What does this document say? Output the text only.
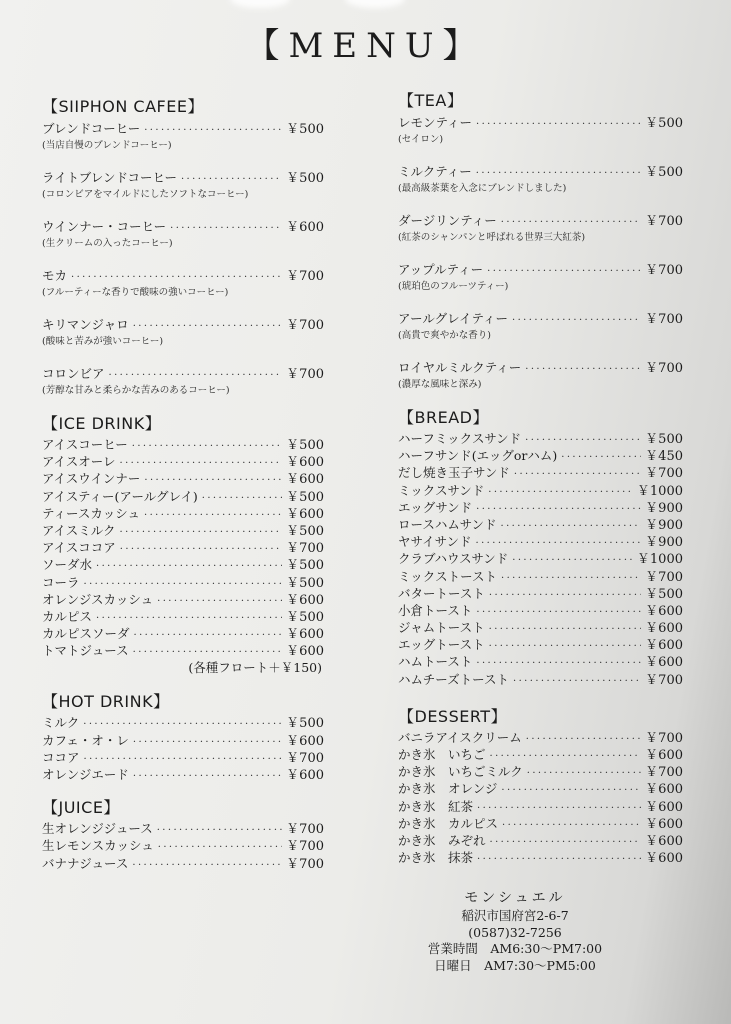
【MENU】
【SIIPHON CAFEE】
ブレンドコーヒー ·····	￥500
(当店自慢のブレンドコーヒー)
ライトブレンドコーヒー ·····	￥500
(コロンビアをマイルドにしたソフトなコーヒー)
ウインナー・コーヒー ·····	￥600
(生クリームの入ったコーヒー)
モカ ·····	￥700
(フルーティーな香りで酸味の強いコーヒー)
キリマンジャロ ·····	￥700
(酸味と苦みが強いコーヒー)
コロンビア ·····	￥700
(芳醇な甘みと柔らかな苦みのあるコーヒー)
【ICE DRINK】
アイスコーヒー ·····	￥500
アイスオーレ ·····	￥600
アイスウインナー ·····	￥600
アイスティー(アールグレイ) ·····	￥500
ティースカッシュ ·····	￥600
アイスミルク ·····	￥500
アイスココア ·····	￥700
ソーダ水 ·····	￥500
コーラ ·····	￥500
オレンジスカッシュ ·····	￥600
カルピス ·····	￥500
カルピスソーダ ·····	￥600
トマトジュース ·····	￥600
(各種フロート＋￥150)
【HOT DRINK】
ミルク ·····	￥500
カフェ・オ・レ ·····	￥600
ココア ·····	￥700
オレンジエード ·····	￥600
【JUICE】
生オレンジジュース ·····	￥700
生レモンスカッシュ ·····	￥700
バナナジュース ·····	￥700
【TEA】
レモンティー ·····	￥500
(セイロン)
ミルクティー ·····	￥500
(最高級茶葉を入念にブレンドしました)
ダージリンティー ·····	￥700
(紅茶のシャンパンと呼ばれる世界三大紅茶)
アップルティー ·····	￥700
(琥珀色のフルーツティー)
アールグレイティー ·····	￥700
(高貴で爽やかな香り)
ロイヤルミルクティー ·····	￥700
(濃厚な風味と深み)
【BREAD】
ハーフミックスサンド ·····	￥500
ハーフサンド(エッグorハム) ·····	￥450
だし焼き玉子サンド ·····	￥700
ミックスサンド ·····	￥1000
エッグサンド ·····	￥900
ロースハムサンド ·····	￥900
ヤサイサンド ·····	￥900
クラブハウスサンド ·····	￥1000
ミックストースト ·····	￥700
バタートースト ·····	￥500
小倉トースト ·····	￥600
ジャムトースト ·····	￥600
エッグトースト ·····	￥600
ハムトースト ·····	￥600
ハムチーズトースト ·····	￥700
【DESSERT】
バニラアイスクリーム ·····	￥700
かき氷　いちご ·····	￥600
かき氷　いちごミルク ·····	￥700
かき氷　オレンジ ·····	￥600
かき氷　紅茶 ·····	￥600
かき氷　カルピス ·····	￥600
かき氷　みぞれ ·····	￥600
かき氷　抹茶 ·····	￥600
モンシュエル
稲沢市国府宮2-6-7
(0587)32-7256
営業時間　AM6:30～PM7:00
日曜日　AM7:30～PM5:00
